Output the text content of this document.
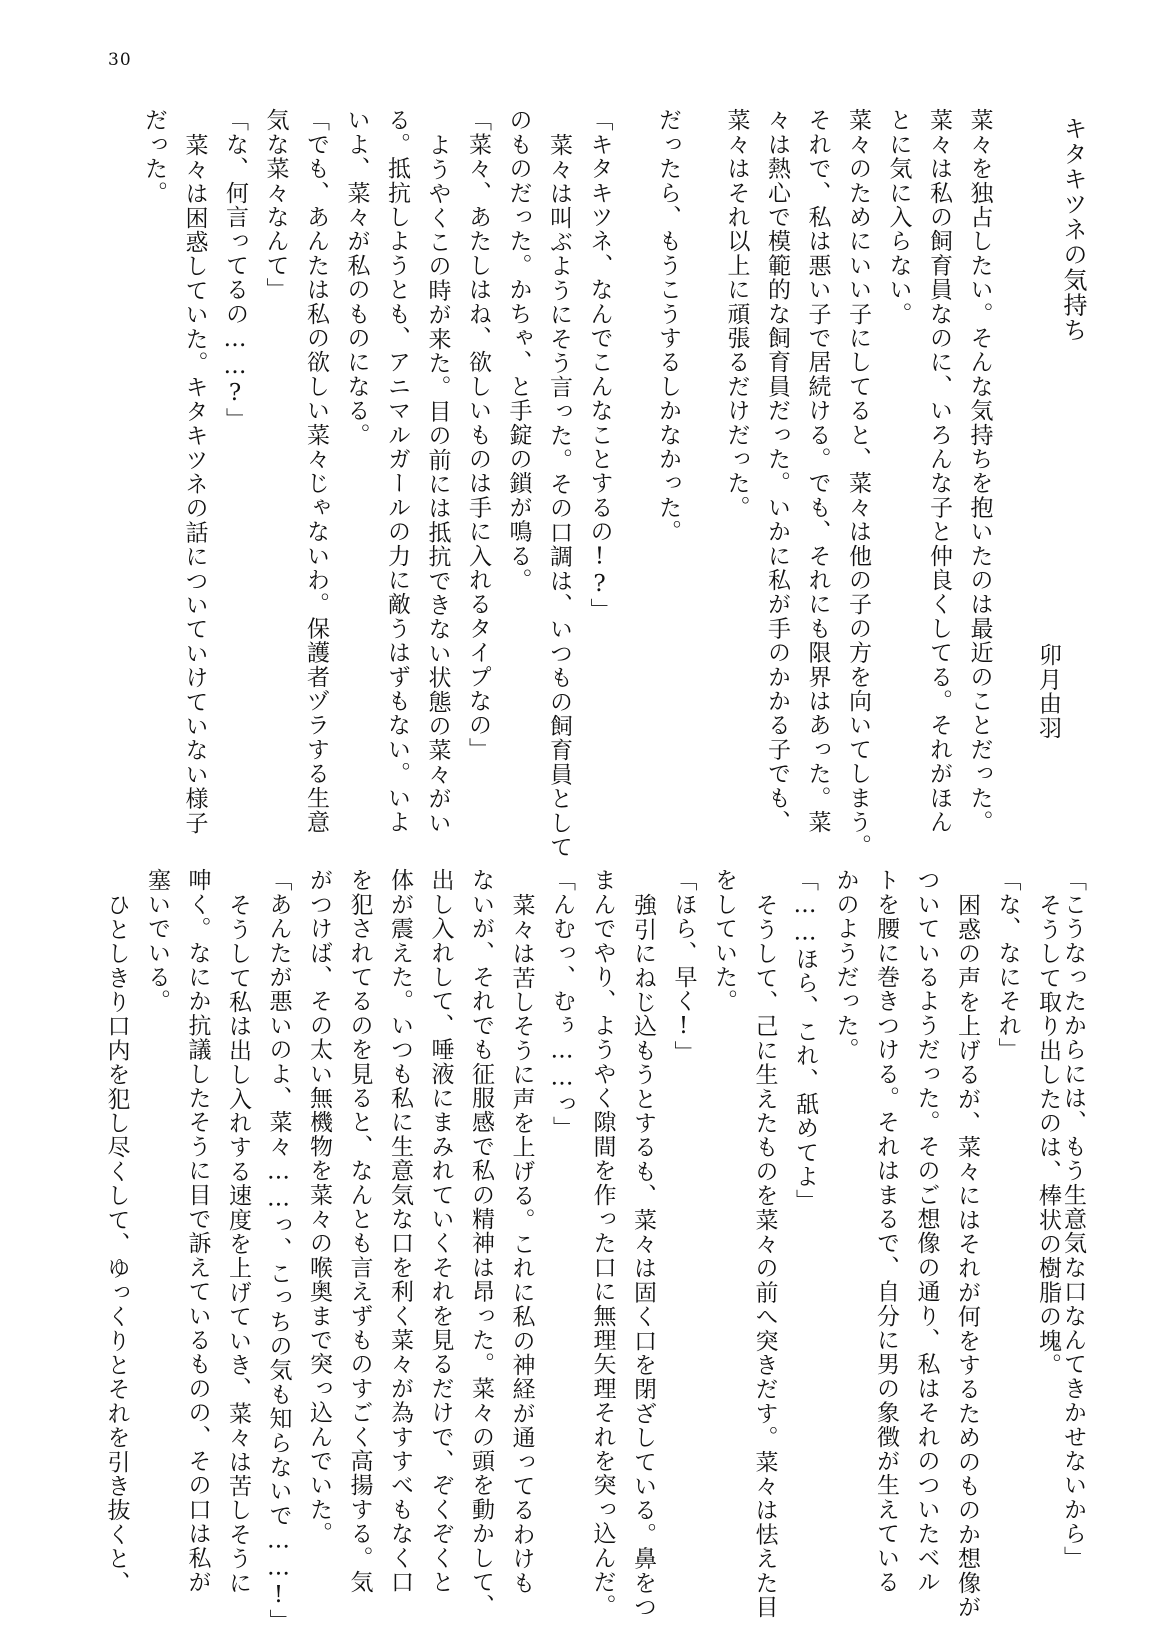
30
キタキツネの気持ち
卯月由羽
菜々を独占したい。そんな気持ちを抱いたのは最近のことだった。
菜々は私の飼育員なのに、いろんな子と仲良くしてる。それがほん
とに気に入らない。
菜々のためにいい子にしてると、菜々は他の子の方を向いてしまう。
それで、私は悪い子で居続ける。でも、それにも限界はあった。菜
々は熱心で模範的な飼育員だった。いかに私が手のかかる子でも、
菜々はそれ以上に頑張るだけだった。
だったら、もうこうするしかなかった。
「キタキツネ、なんでこんなことするの!?」
菜々は叫ぶようにそう言った。その口調は、いつもの飼育員として
のものだった。かちゃ、と手錠の鎖が鳴る。
「菜々、あたしはね、欲しいものは手に入れるタイプなの」
ようやくこの時が来た。目の前には抵抗できない状態の菜々がい
る。抵抗しようとも、アニマルガールの力に敵うはずもない。いよ
いよ、菜々が私のものになる。
「でも、あんたは私の欲しい菜々じゃないわ。保護者ヅラする生意
気な菜々なんて」
「な、何言ってるの……?」
菜々は困惑していた。キタキツネの話についていけていない様子
だった。
「こうなったからには、もう生意気な口なんてきかせないから」
そうして取り出したのは、棒状の樹脂の塊。
「な、なにそれ」
困惑の声を上げるが、菜々にはそれが何をするためのものか想像が
ついているようだった。そのご想像の通り、私はそれのついたベル
トを腰に巻きつける。それはまるで、自分に男の象徴が生えている
かのようだった。
「……ほら、これ、舐めてよ」
そうして、己に生えたものを菜々の前へ突きだす。菜々は怯えた目
をしていた。
「ほら、早く!」
強引にねじ込もうとするも、菜々は固く口を閉ざしている。鼻をつ
まんでやり、ようやく隙間を作った口に無理矢理それを突っ込んだ。
「んむっ、むぅ……っ」
菜々は苦しそうに声を上げる。これに私の神経が通ってるわけも
ないが、それでも征服感で私の精神は昂った。菜々の頭を動かして、
出し入れして、唾液にまみれていくそれを見るだけで、ぞくぞくと
体が震えた。いつも私に生意気な口を利く菜々が為すすべもなく口
を犯されてるのを見ると、なんとも言えずものすごく高揚する。気
がつけば、その太い無機物を菜々の喉奥まで突っ込んでいた。
「あんたが悪いのよ、菜々……っ、こっちの気も知らないで……!」
そうして私は出し入れする速度を上げていき、菜々は苦しそうに
呻く。なにか抗議したそうに目で訴えているものの、その口は私が
塞いでいる。
ひとしきり口内を犯し尽くして、ゆっくりとそれを引き抜くと、
